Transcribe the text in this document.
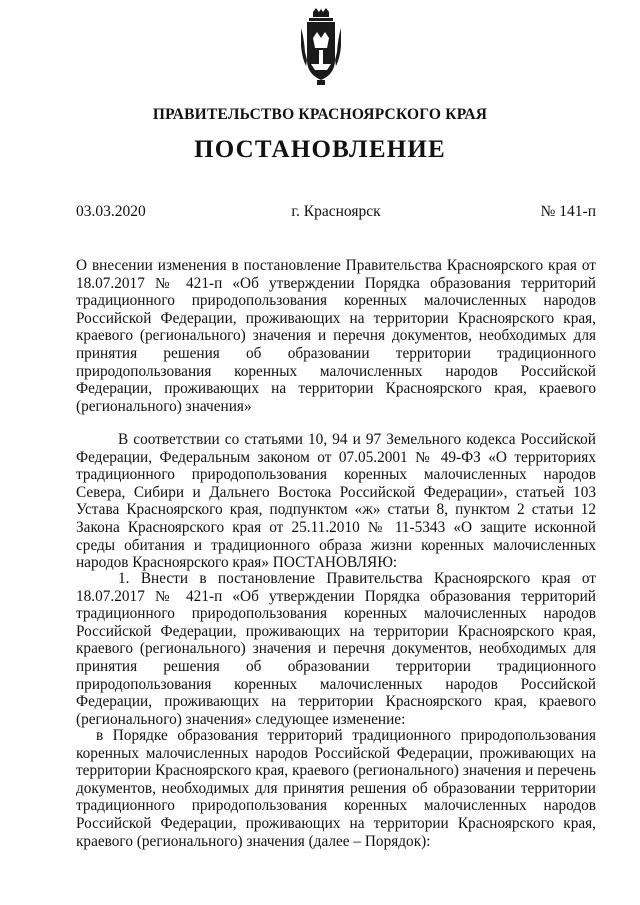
ПРАВИТЕЛЬСТВО КРАСНОЯРСКОГО КРАЯ

ПОСТАНОВЛЕНИЕ

03.03.2020	г. Красноярск	№ 141-п

О внесении изменения в постановление Правительства Красноярского края от 18.07.2017 № 421-п «Об утверждении Порядка образования территорий традиционного природопользования коренных малочисленных народов Российской Федерации, проживающих на территории Красноярского края, краевого (регионального) значения и перечня документов, необходимых для принятия решения об образовании территории традиционного природопользования коренных малочисленных народов Российской Федерации, проживающих на территории Красноярского края, краевого (регионального) значения»

В соответствии со статьями 10, 94 и 97 Земельного кодекса Российской Федерации, Федеральным законом от 07.05.2001 № 49-ФЗ «О территориях традиционного природопользования коренных малочисленных народов Севера, Сибири и Дальнего Востока Российской Федерации», статьей 103 Устава Красноярского края, подпунктом «ж» статьи 8, пунктом 2 статьи 12 Закона Красноярского края от 25.11.2010 № 11-5343 «О защите исконной среды обитания и традиционного образа жизни коренных малочисленных народов Красноярского края» ПОСТАНОВЛЯЮ:

1. Внести в постановление Правительства Красноярского края от 18.07.2017 № 421-п «Об утверждении Порядка образования территорий традиционного природопользования коренных малочисленных народов Российской Федерации, проживающих на территории Красноярского края, краевого (регионального) значения и перечня документов, необходимых для принятия решения об образовании территории традиционного природопользования коренных малочисленных народов Российской Федерации, проживающих на территории Красноярского края, краевого (регионального) значения» следующее изменение:

в Порядке образования территорий традиционного природопользования коренных малочисленных народов Российской Федерации, проживающих на территории Красноярского края, краевого (регионального) значения и перечень документов, необходимых для принятия решения об образовании территории традиционного природопользования коренных малочисленных народов Российской Федерации, проживающих на территории Красноярского края, краевого (регионального) значения (далее – Порядок):
